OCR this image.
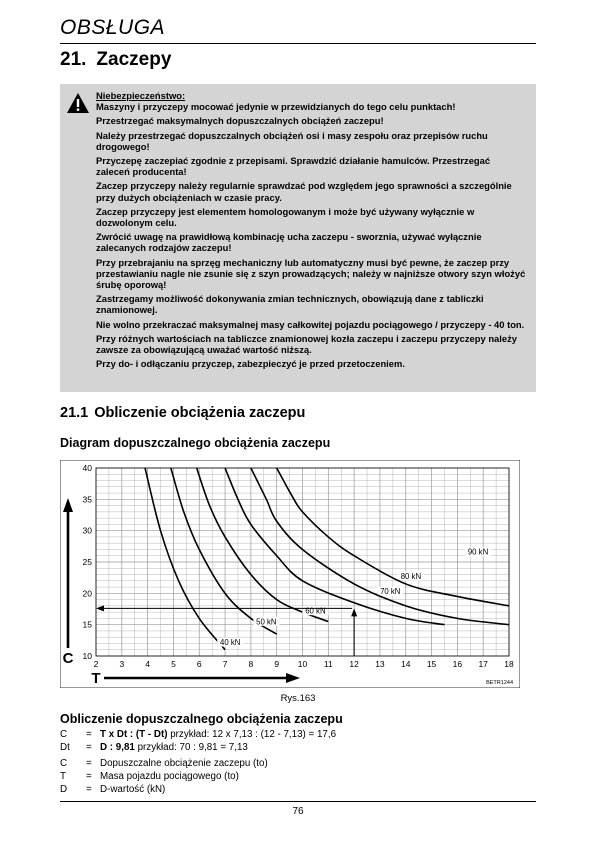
OBSŁUGA
21. Zaczepy
Niebezpieczeństwo:

Maszyny i przyczepy mocować jedynie w przewidzianych do tego celu punktach!

Przestrzegać maksymalnych dopuszczalnych obciążeń zaczepu!

Należy przestrzegać dopuszczalnych obciążeń osi i masy zespołu oraz przepisów ruchu drogowego!

Przyczepę zaczepiać zgodnie z przepisami. Sprawdzić działanie hamulców. Przestrzegać zaleceń producenta!

Zaczep przyczepy należy regularnie sprawdzać pod względem jego sprawności a szczególnie przy dużych obciążeniach w czasie pracy.

Zaczep przyczepy jest elementem homologowanym i może być używany wyłącznie w dozwolonym celu.

Zwrócić uwagę na prawidłową kombinację ucha zaczepu - sworznia, używać wyłącznie zalecanych rodzajów zaczepu!

Przy przebrajaniu na sprzęg mechaniczny lub automatyczny musi być pewne, że zaczep przy przestawianiu nagle nie zsunie się z szyn prowadzących; należy w najniższe otwory szyn włożyć śrubę oporową!

Zastrzegamy możliwość dokonywania zmian technicznych, obowiązują dane z tabliczki znamionowej.

Nie wolno przekraczać maksymalnej masy całkowitej pojazdu pociągowego / przyczepy - 40 ton.

Przy różnych wartościach na tabliczce znamionowej kozła zaczepu i zaczepu przyczepy należy zawsze za obowiązującą uważać wartość niższą.

Przy do- i odłączaniu przyczep, zabezpieczyć je przed przetoczeniem.

21.1 Obliczenie obciążenia zaczepu
Diagram dopuszczalnego obciążenia zaczepu
2 3 4 5 6 7 8 9 10 11 12 13 14 15 16 17 18
10
15
20
25
30
35
40
C
T
40 kN
50 kN
60 kN
70 kN
80 kN
90 kN
BETR1244
Rys.163
Obliczenie dopuszczalnego obciążenia zaczepu
C	= T x Dt : (T - Dt) przykład: 12 x 7,13 : (12 - 7,13) = 17,6
Dt	= D : 9,81 przykład: 70 : 9,81 = 7,13
C	= Dopuszczalne obciążenie zaczepu (to)
T	= Masa pojazdu pociągowego (to)
D	= D-wartość (kN)
76
